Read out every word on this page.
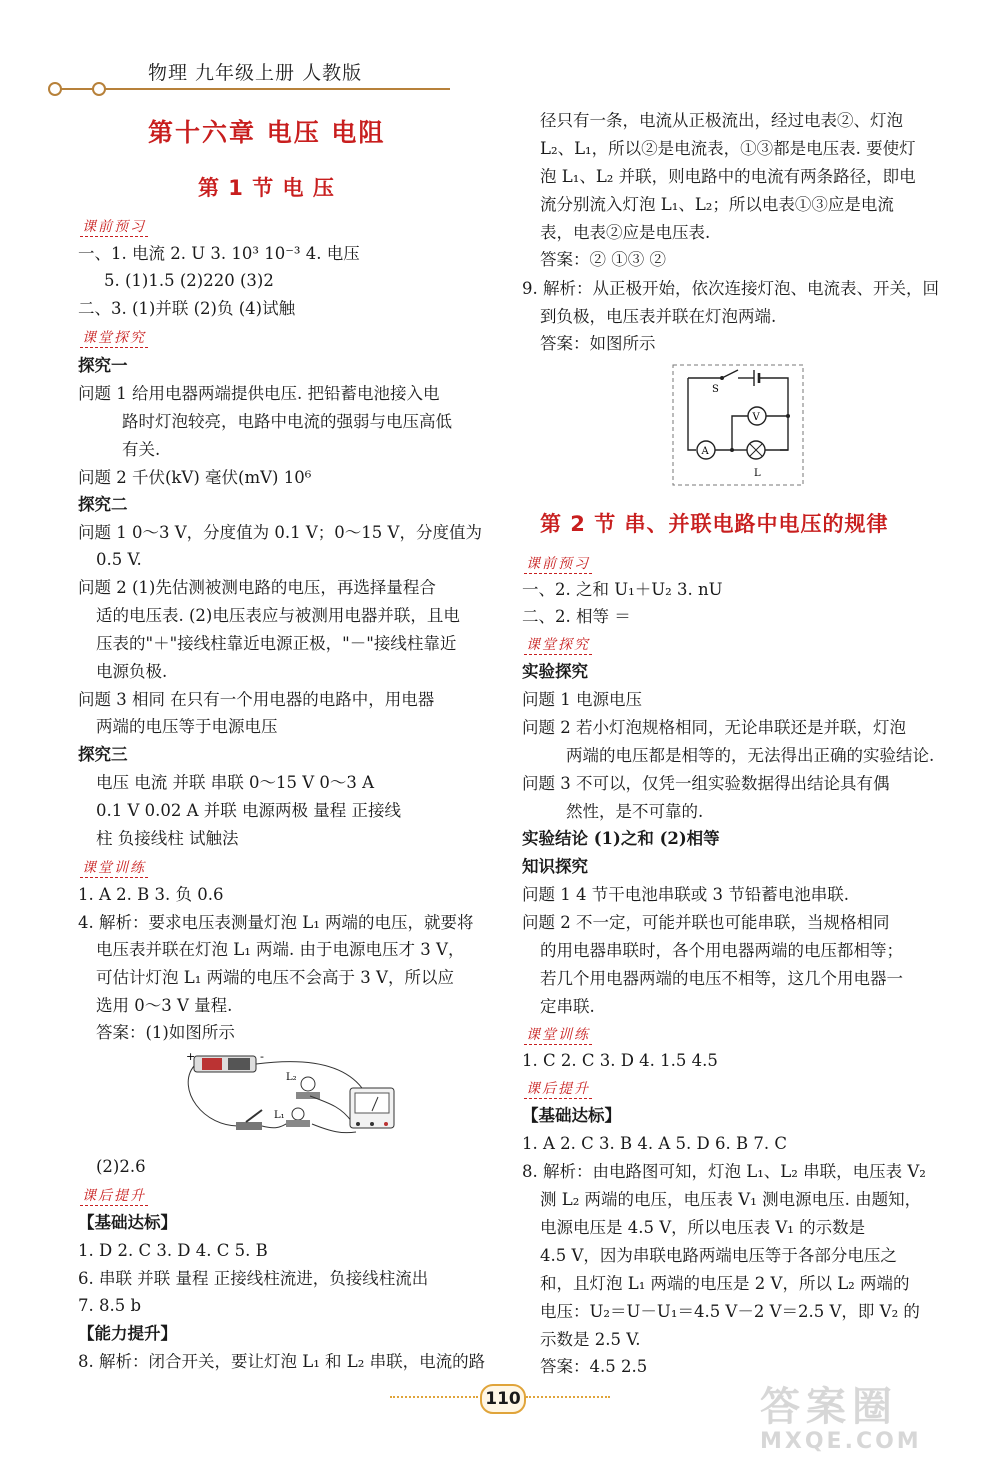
物理 九年级上册 人教版
第十六章 电压 电阻
第 1 节 电 压
课前预习
一、1. 电流 2. U 3. 10³ 10⁻³ 4. 电压
5. (1)1.5 (2)220 (3)2
二、3. (1)并联 (2)负 (4)试触
课堂探究
探究一
问题 1 给用电器两端提供电压. 把铅蓄电池接入电
路时灯泡较亮，电路中电流的强弱与电压高低
有关.
问题 2 千伏(kV) 毫伏(mV) 10⁶
探究二
问题 1 0～3 V，分度值为 0.1 V；0～15 V，分度值为
0.5 V.
问题 2 (1)先估测被测电路的电压，再选择量程合
适的电压表. (2)电压表应与被测用电器并联，且电
压表的"＋"接线柱靠近电源正极，"－"接线柱靠近
电源负极.
问题 3 相同 在只有一个用电器的电路中，用电器
两端的电压等于电源电压
探究三
电压 电流 并联 串联 0～15 V 0～3 A
0.1 V 0.02 A 并联 电源两极 量程 正接线
柱 负接线柱 试触法
课堂训练
1. A 2. B 3. 负 0.6
4. 解析：要求电压表测量灯泡 L₁ 两端的电压，就要将
电压表并联在灯泡 L₁ 两端. 由于电源电压才 3 V，
可估计灯泡 L₁ 两端的电压不会高于 3 V，所以应
选用 0～3 V 量程.
答案：(1)如图所示
+	-
L₂
L₁
(2)2.6
课后提升
【基础达标】
1. D 2. C 3. D 4. C 5. B
6. 串联 并联 量程 正接线柱流进，负接线柱流出
7. 8.5 b
【能力提升】
8. 解析：闭合开关，要让灯泡 L₁ 和 L₂ 串联，电流的路
径只有一条，电流从正极流出，经过电表②、灯泡
L₂、L₁，所以②是电流表，①③都是电压表. 要使灯
泡 L₁、L₂ 并联，则电路中的电流有两条路径，即电
流分别流入灯泡 L₁、L₂；所以电表①③应是电流
表，电表②应是电压表.
答案：② ①③ ②
9. 解析：从正极开始，依次连接灯泡、电流表、开关，回
到负极，电压表并联在灯泡两端.
答案：如图所示
S
A
V
L
第 2 节 串、并联电路中电压的规律
课前预习
一、2. 之和 U₁＋U₂ 3. nU
二、2. 相等 ＝
课堂探究
实验探究
问题 1 电源电压
问题 2 若小灯泡规格相同，无论串联还是并联，灯泡
两端的电压都是相等的，无法得出正确的实验结论.
问题 3 不可以，仅凭一组实验数据得出结论具有偶
然性，是不可靠的.
实验结论 (1)之和 (2)相等
知识探究
问题 1 4 节干电池串联或 3 节铅蓄电池串联.
问题 2 不一定，可能并联也可能串联，当规格相同
的用电器串联时，各个用电器两端的电压都相等；
若几个用电器两端的电压不相等，这几个用电器一
定串联.
课堂训练
1. C 2. C 3. D 4. 1.5 4.5
课后提升
【基础达标】
1. A 2. C 3. B 4. A 5. D 6. B 7. C
8. 解析：由电路图可知，灯泡 L₁、L₂ 串联，电压表 V₂
测 L₂ 两端的电压，电压表 V₁ 测电源电压. 由题知，
电源电压是 4.5 V，所以电压表 V₁ 的示数是
4.5 V，因为串联电路两端电压等于各部分电压之
和，且灯泡 L₁ 两端的电压是 2 V，所以 L₂ 两端的
电压：U₂＝U－U₁＝4.5 V－2 V＝2.5 V，即 V₂ 的
示数是 2.5 V.
答案：4.5 2.5
110	答案圈
MXQE.COM
